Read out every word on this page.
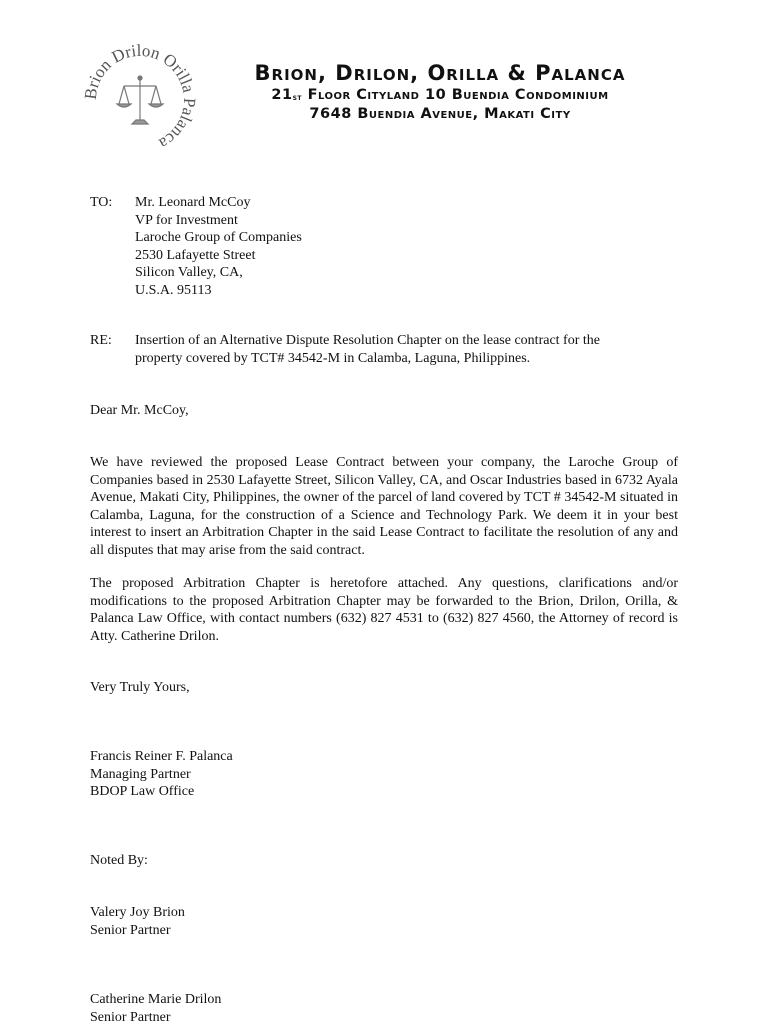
Brion Drilon Orilla Palanca
Brion, Drilon, Orilla & Palanca
21st Floor Cityland 10 Buendia Condominium
7648 Buendia Avenue, Makati City
TO: Mr. Leonard McCoy
VP for Investment
Laroche Group of Companies
2530 Lafayette Street
Silicon Valley, CA,
U.S.A. 95113
RE: Insertion of an Alternative Dispute Resolution Chapter on the lease contract for the
property covered by TCT# 34542-M in Calamba, Laguna, Philippines.
Dear Mr. McCoy,

We have reviewed the proposed Lease Contract between your company, the Laroche Group of Companies based in 2530 Lafayette Street, Silicon Valley, CA, and Oscar Industries based in 6732 Ayala Avenue, Makati City, Philippines, the owner of the parcel of land covered by TCT # 34542-M situated in Calamba, Laguna, for the construction of a Science and Technology Park. We deem it in your best interest to insert an Arbitration Chapter in the said Lease Contract to facilitate the resolution of any and all disputes that may arise from the said contract.

The proposed Arbitration Chapter is heretofore attached. Any questions, clarifications and/or modifications to the proposed Arbitration Chapter may be forwarded to the Brion, Drilon, Orilla, & Palanca Law Office, with contact numbers (632) 827 4531 to (632) 827 4560, the Attorney of record is Atty. Catherine Drilon.

Very Truly Yours,
Francis Reiner F. Palanca
Managing Partner
BDOP Law Office
Noted By:
Valery Joy Brion
Senior Partner
Catherine Marie Drilon
Senior Partner
